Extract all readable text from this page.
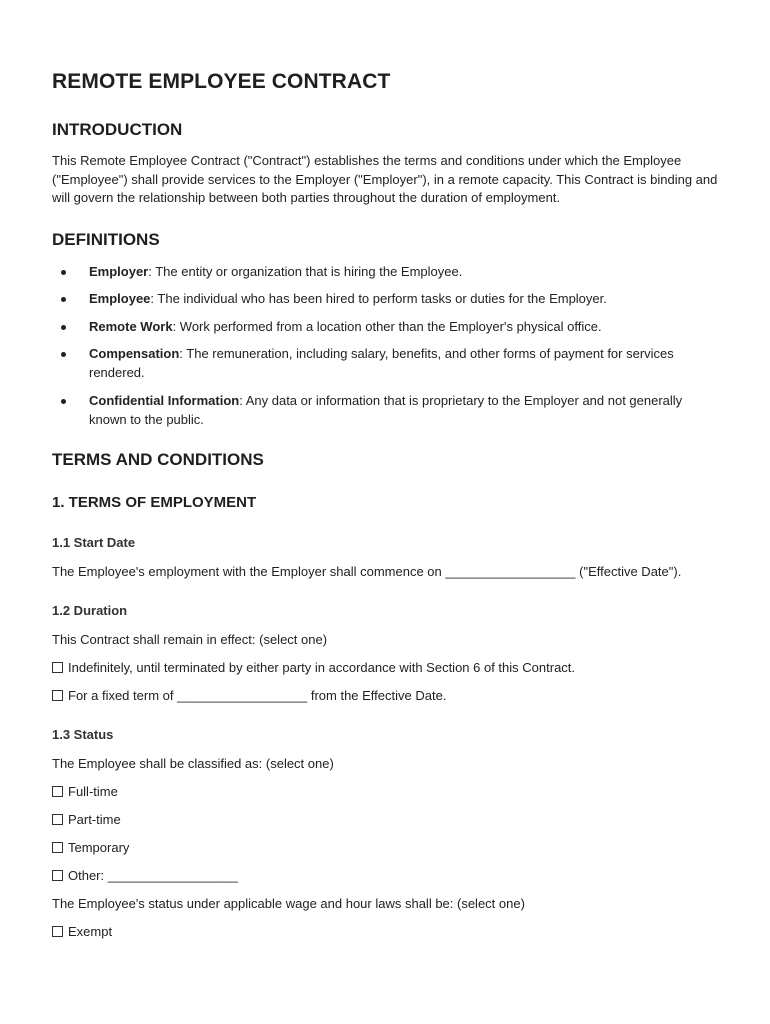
REMOTE EMPLOYEE CONTRACT
INTRODUCTION

This Remote Employee Contract ("Contract") establishes the terms and conditions under which the Employee ("Employee") shall provide services to the Employer ("Employer"), in a remote capacity. This Contract is binding and will govern the relationship between both parties throughout the duration of employment.

DEFINITIONS
Employer: The entity or organization that is hiring the Employee.
Employee: The individual who has been hired to perform tasks or duties for the Employer.
Remote Work: Work performed from a location other than the Employer's physical office.
Compensation: The remuneration, including salary, benefits, and other forms of payment for services rendered.
Confidential Information: Any data or information that is proprietary to the Employer and not generally known to the public.
TERMS AND CONDITIONS
1. TERMS OF EMPLOYMENT
1.1 Start Date

The Employee's employment with the Employer shall commence on __________________ ("Effective Date").

1.2 Duration

This Contract shall remain in effect: (select one)

Indefinitely, until terminated by either party in accordance with Section 6 of this Contract.

For a fixed term of __________________ from the Effective Date.

1.3 Status

The Employee shall be classified as: (select one)

Full-time

Part-time

Temporary

Other: __________________

The Employee's status under applicable wage and hour laws shall be: (select one)

Exempt
